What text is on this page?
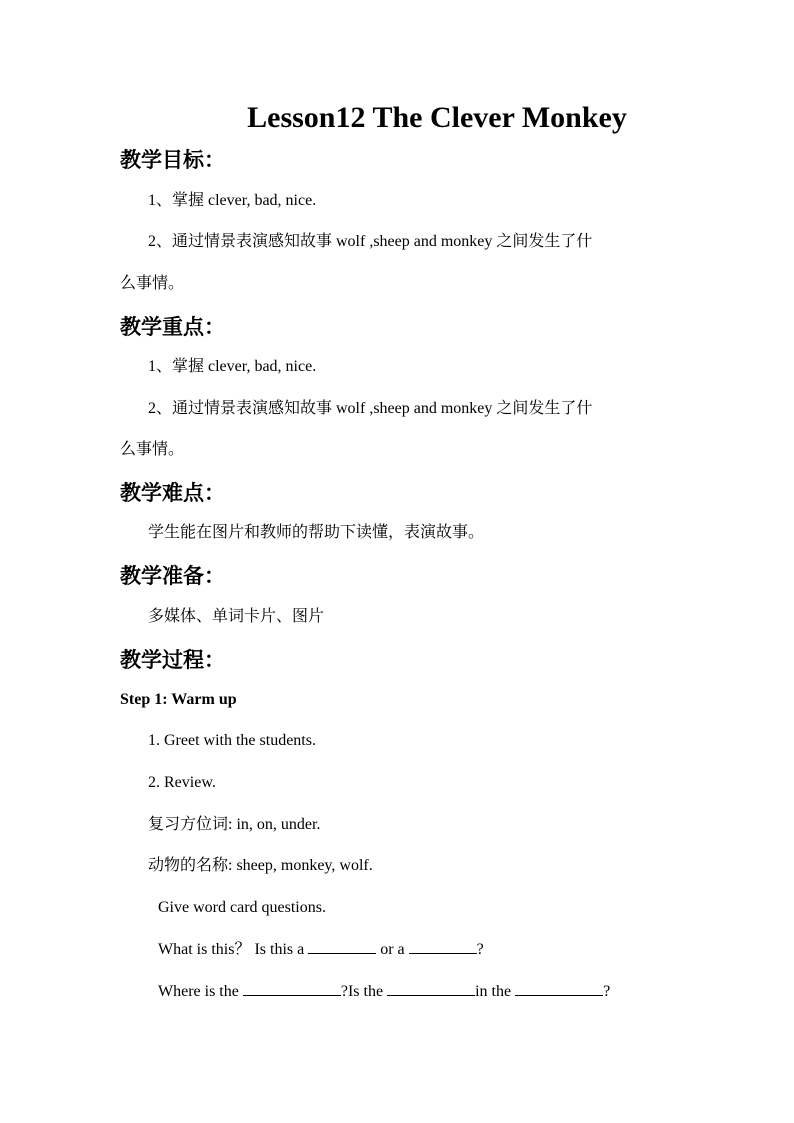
Lesson12 The Clever Monkey
教学目标：
1、掌握 clever, bad, nice.
2、通过情景表演感知故事 wolf ,sheep and monkey 之间发生了什
么事情。
教学重点：
1、掌握 clever, bad, nice.
2、通过情景表演感知故事 wolf ,sheep and monkey 之间发生了什
么事情。
教学难点：
学生能在图片和教师的帮助下读懂，表演故事。
教学准备：
多媒体、单词卡片、图片
教学过程：
Step 1: Warm up
1. Greet with the students.
2. Review.
复习方位词: in, on, under.
动物的名称: sheep, monkey, wolf.
Give word card questions.
What is this？ Is this a	or a	?
Where is the	?Is the	in the	?
